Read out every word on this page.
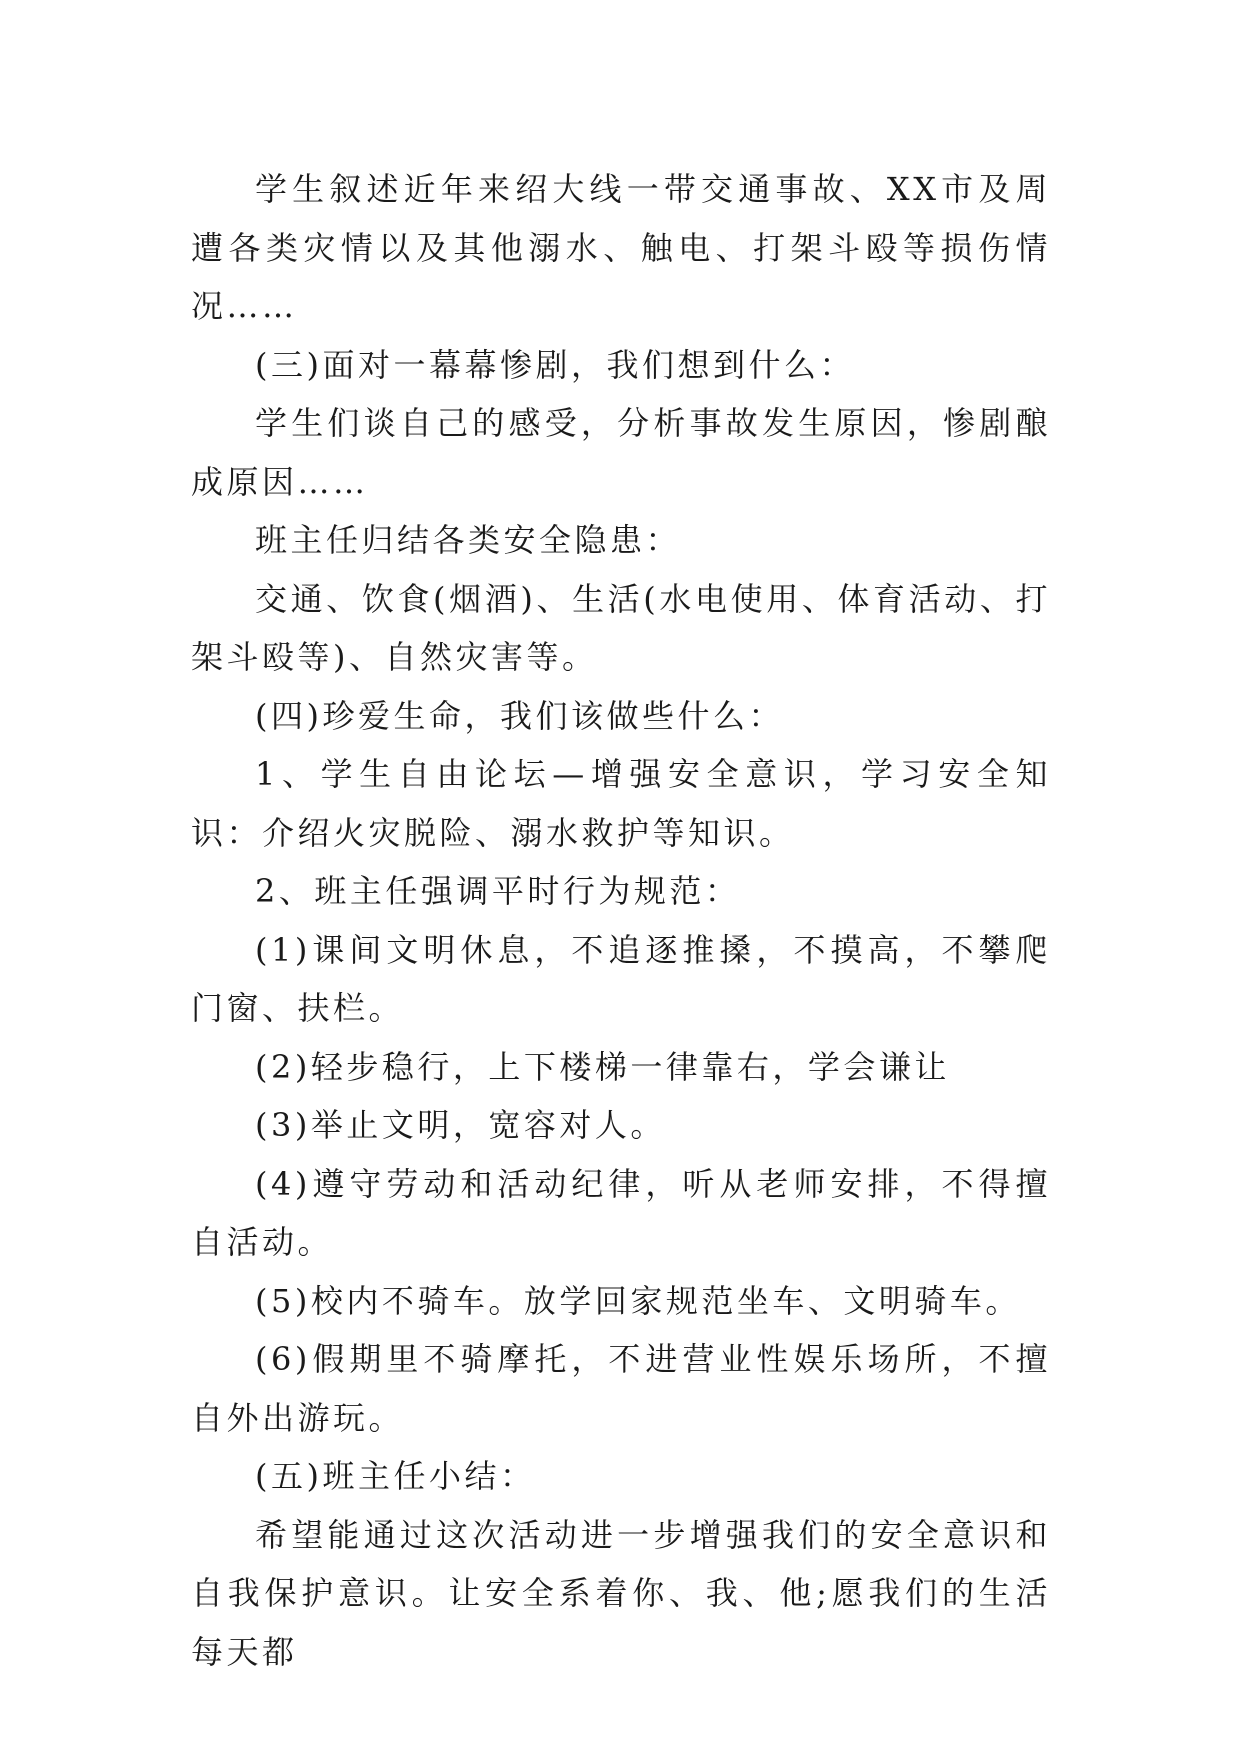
学生叙述近年来绍大线一带交通事故、XX市及周遭各类灾情以及其他溺水、触电、打架斗殴等损伤情况……

(三)面对一幕幕惨剧，我们想到什么：

学生们谈自己的感受，分析事故发生原因，惨剧酿成原因……

班主任归结各类安全隐患：

交通、饮食(烟酒)、生活(水电使用、体育活动、打架斗殴等)、自然灾害等。

(四)珍爱生命，我们该做些什么：

1、学生自由论坛—增强安全意识，学习安全知识：介绍火灾脱险、溺水救护等知识。

2、班主任强调平时行为规范：

(1)课间文明休息，不追逐推搡，不摸高，不攀爬门窗、扶栏。

(2)轻步稳行，上下楼梯一律靠右，学会谦让

(3)举止文明，宽容对人。

(4)遵守劳动和活动纪律，听从老师安排，不得擅自活动。

(5)校内不骑车。放学回家规范坐车、文明骑车。

(6)假期里不骑摩托，不进营业性娱乐场所，不擅自外出游玩。

(五)班主任小结：

希望能通过这次活动进一步增强我们的安全意识和自我保护意识。让安全系着你、我、他;愿我们的生活每天都
